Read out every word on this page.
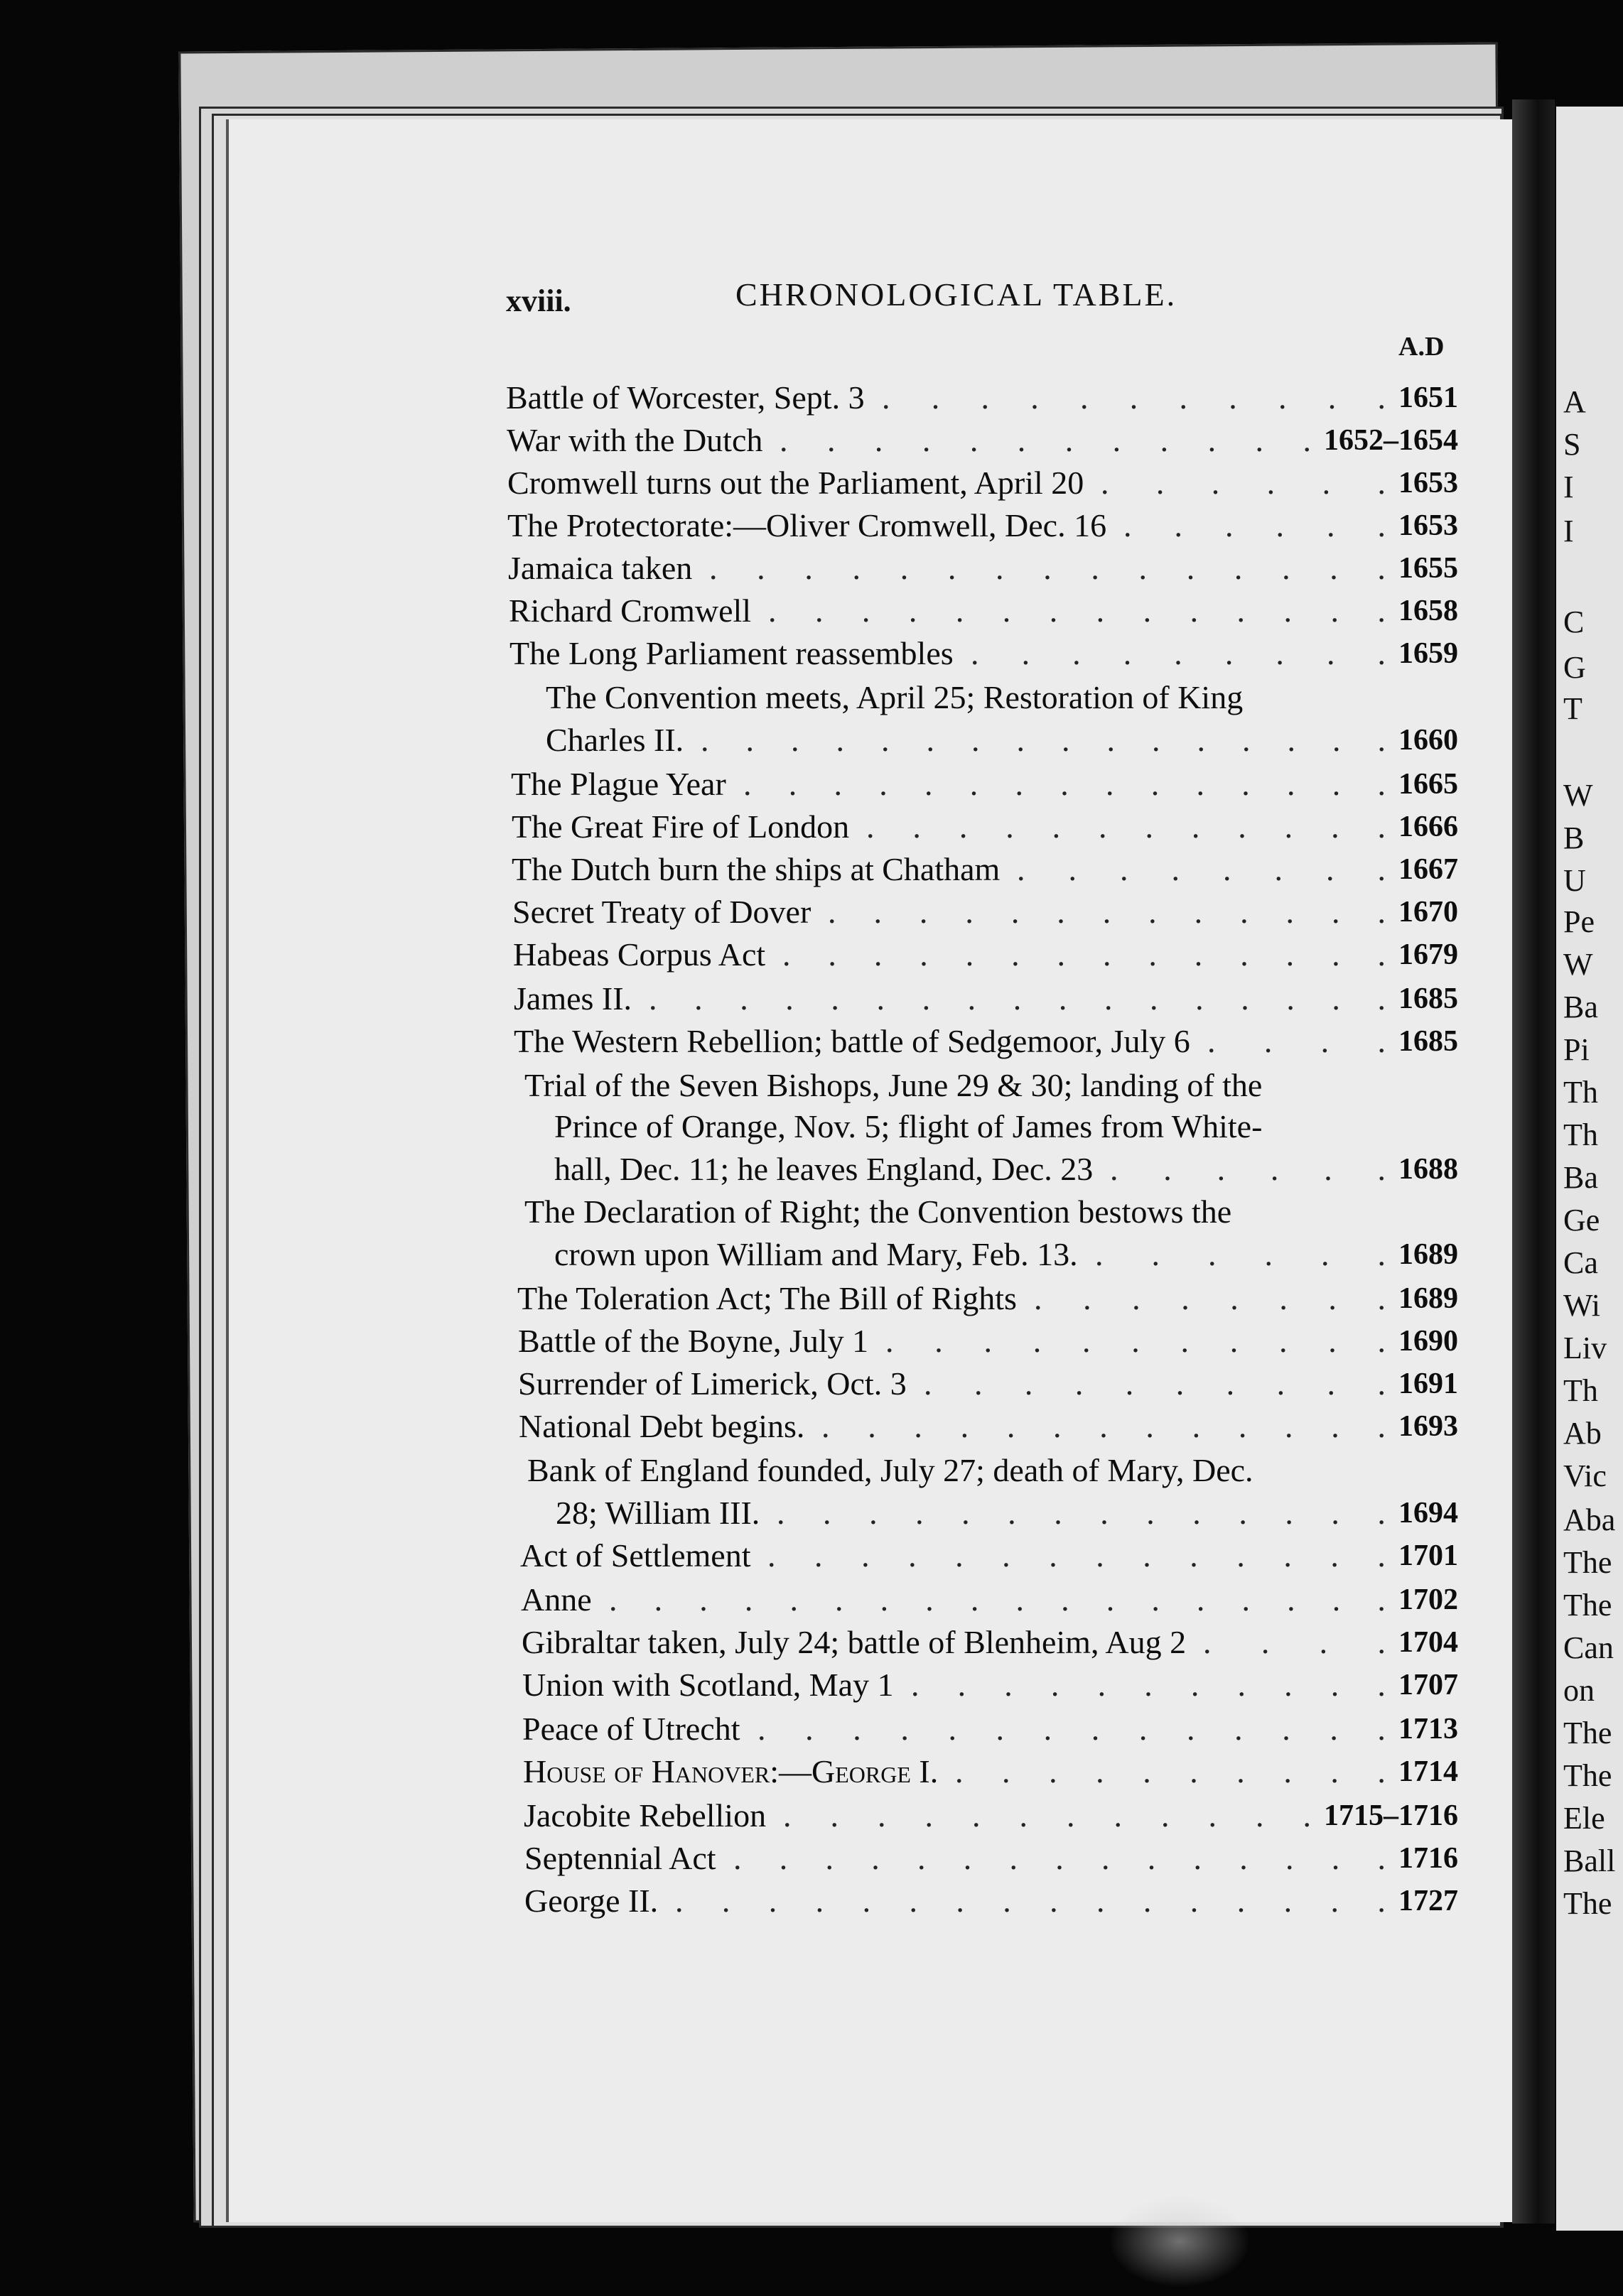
A
S
I
I
C
G
T
W
B
U
Pe
W
Ba
Pi
Th
Th
Ba
Ge
Ca
Wi
Liv
Th
Ab
Vic
Aba
The
The
Can
on
The
The
Ele
Ball
The
xviii.	CHRONOLOGICAL TABLE.
A.D
Battle of Worcester, Sept. 3	1651
. . . . . . . . . . .
War with the Dutch	1652–1654
. . . . . . . . . . . .
Cromwell turns out the Parliament, April 20	1653
. . . . . .
The Protectorate:—Oliver Cromwell, Dec. 16	1653
. . . . . .
Jamaica taken	1655
. . . . . . . . . . . . . . .
Richard Cromwell	1658
. . . . . . . . . . . . . .
The Long Parliament reassembles	1659
. . . . . . . . .
The Convention meets, April 25; Restoration of King
Charles II.	1660
. . . . . . . . . . . . . . . .
The Plague Year	1665
. . . . . . . . . . . . . . .
The Great Fire of London	1666
. . . . . . . . . . . .
The Dutch burn the ships at Chatham	1667
. . . . . . . .
Secret Treaty of Dover	1670
. . . . . . . . . . . . .
Habeas Corpus Act	1679
. . . . . . . . . . . . . .
James II.	1685
. . . . . . . . . . . . . . . . .
The Western Rebellion; battle of Sedgemoor, July 6	1685
. . . .
Trial of the Seven Bishops, June 29 & 30; landing of the
Prince of Orange, Nov. 5; flight of James from White-
hall, Dec. 11; he leaves England, Dec. 23	1688
. . . . . .
The Declaration of Right; the Convention bestows the
crown upon William and Mary, Feb. 13.	1689
. . . . . .
The Toleration Act; The Bill of Rights	1689
. . . . . . . .
Battle of the Boyne, July 1	1690
. . . . . . . . . . .
Surrender of Limerick, Oct. 3	1691
. . . . . . . . . .
National Debt begins.	1693
. . . . . . . . . . . . .
Bank of England founded, July 27; death of Mary, Dec.
28; William III.	1694
. . . . . . . . . . . . . .
Act of Settlement	1701
. . . . . . . . . . . . . .
Anne	1702
. . . . . . . . . . . . . . . . . .
Gibraltar taken, July 24; battle of Blenheim, Aug 2	1704
. . . .
Union with Scotland, May 1	1707
. . . . . . . . . . .
Peace of Utrecht	1713
. . . . . . . . . . . . . .
House of Hanover:—George I.	1714
. . . . . . . . . .
Jacobite Rebellion	1715–1716
. . . . . . . . . . . .
Septennial Act	1716
. . . . . . . . . . . . . . .
George II.	1727
. . . . . . . . . . . . . . . .
